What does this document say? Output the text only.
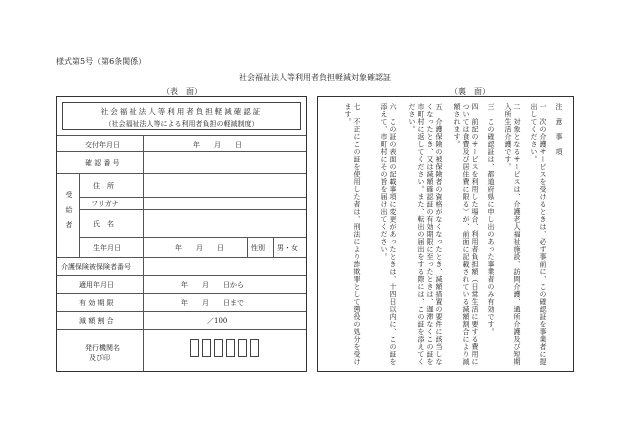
様式第5号（第6条関係）
社会福祉法人等利用者負担軽減対象確認証
（表　面）	（裏　面）
社会福祉法人等利用者負担軽減確認証
（社会福祉法人等による利用者負担の軽減制度）
交付年月日	年　　月　　日
確 認 番 号
受給者
住　所
フリガナ
氏　名
生年月日	年　　月　　日	性別 男・女
介護保険被保険者番号
適用年月日	年　　月　　日から
有 効 期 限	年　　月　　日まで
減 額 割 合	／100
発行機関名
及び印
注　意　事　項
一　次の介護サービスを受けるときは、必ず事前に、この確認証を事業者に提出してください。
二　対象となるサービスは、介護老人福祉施設、訪問介護、通所介護及び短期入所生活介護です。
三　この確認証は、都道府県に申し出のあった事業者のみ有効です。
四　前記のサービスを利用した場合、利用者負担額（日常生活に要する費用については食費及び居住費に限る）が、前面に記載されている減額割合により減額されます。
五　介護保険の被保険者の資格がなくなったとき、減額措置の要件に該当しなくなったとき、又は減額確認証の有効期限に至ったときは、遅滞なくこの証を市町村に返してください。また、転出の届出をする際には、この証を添えてください。
六　この証の表面の記載事項に変更があったときは、十四日以内に、この証を添えて、市町村にその旨を届け出てください。
七　不正にこの証を使用した者は、刑法により詐欺罪として懲役の処分を受けます。
